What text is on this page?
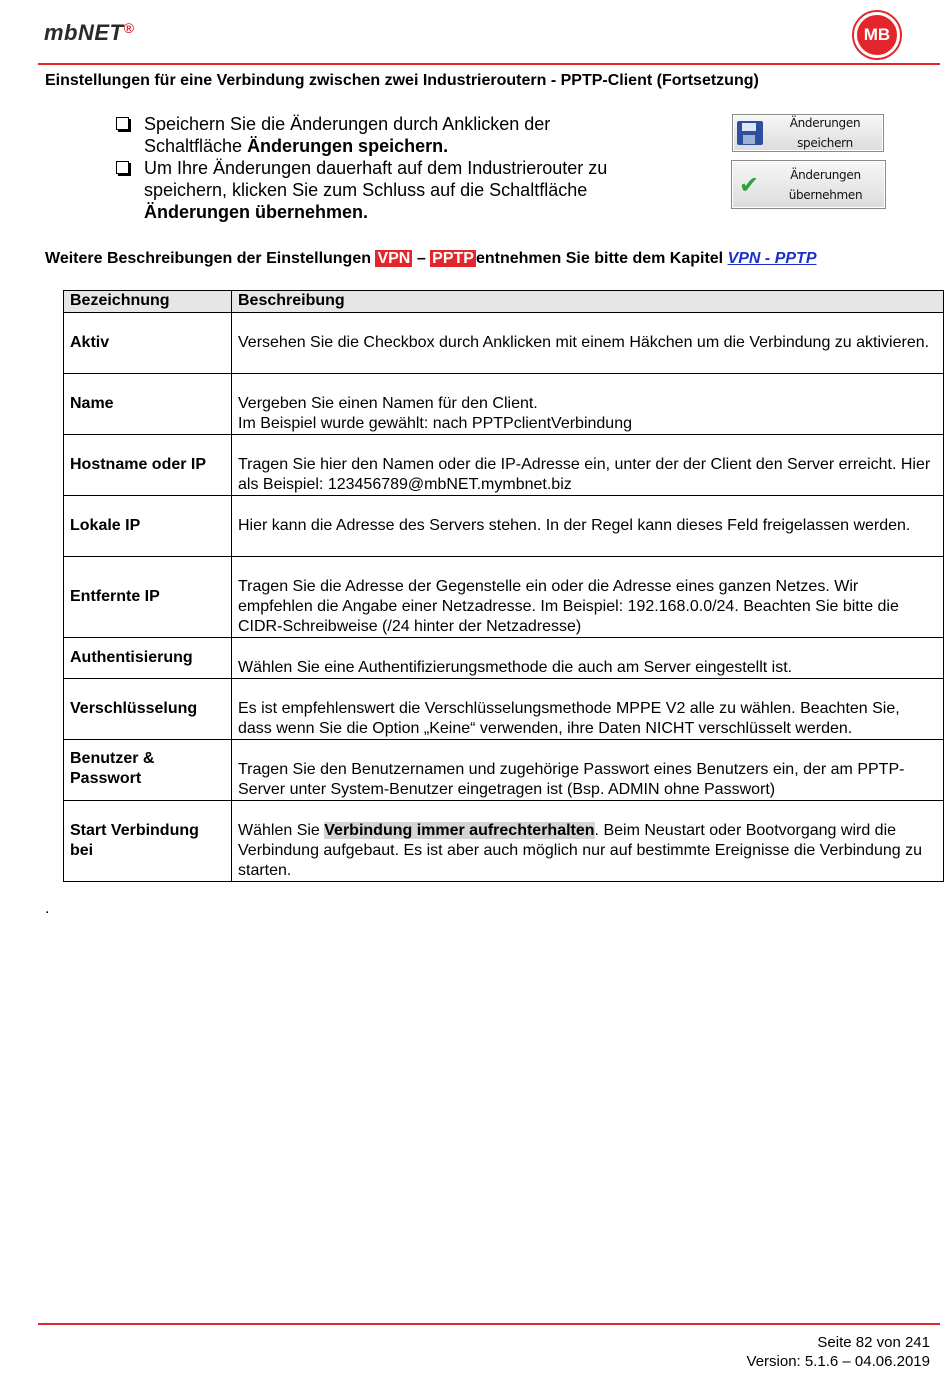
mbNET®	MB
Einstellungen für eine Verbindung zwischen zwei Industrieroutern - PPTP-Client (Fortsetzung)
Speichern Sie die Änderungen durch Anklicken der Schaltfläche Änderungen speichern.
Um Ihre Änderungen dauerhaft auf dem Industrierouter zu speichern, klicken Sie zum Schluss auf die Schaltfläche Änderungen übernehmen.
Änderungen
speichern
✔	Änderungen
übernehmen
Weitere Beschreibungen der Einstellungen VPN – PPTP entnehmen Sie bitte dem Kapitel VPN - PPTP
Bezeichnung	Beschreibung
Aktiv	Versehen Sie die Checkbox durch Anklicken mit einem Häkchen um die Verbindung zu aktivieren.
Name	Vergeben Sie einen Namen für den Client.
Im Beispiel wurde gewählt: nach PPTPclientVerbindung
Hostname oder IP	Tragen Sie hier den Namen oder die IP-Adresse ein, unter der der Client den Server erreicht. Hier als Beispiel: 123456789@mbNET.mymbnet.biz
Lokale IP	Hier kann die Adresse des Servers stehen. In der Regel kann dieses Feld freigelassen werden.
Entfernte IP	Tragen Sie die Adresse der Gegenstelle ein oder die Adresse eines ganzen Netzes. Wir empfehlen die Angabe einer Netzadresse. Im Beispiel: 192.168.0.0/24. Beachten Sie bitte die CIDR-Schreibweise (/24 hinter der Netzadresse)
Authentisierung	Wählen Sie eine Authentifizierungsmethode die auch am Server eingestellt ist.
Verschlüsselung	Es ist empfehlenswert die Verschlüsselungsmethode MPPE V2 alle zu wählen. Beachten Sie, dass wenn Sie die Option „Keine“ verwenden, ihre Daten NICHT verschlüsselt werden.
Benutzer & Passwort	Tragen Sie den Benutzernamen und zugehörige Passwort eines Benutzers ein, der am PPTP-Server unter System-Benutzer eingetragen ist (Bsp. ADMIN ohne Passwort)
Start Verbindung bei	Wählen Sie Verbindung immer aufrechterhalten. Beim Neustart oder Bootvorgang wird die Verbindung aufgebaut. Es ist aber auch möglich nur auf bestimmte Ereignisse die Verbindung zu starten.
.
Seite 82 von 241
Version: 5.1.6 – 04.06.2019
